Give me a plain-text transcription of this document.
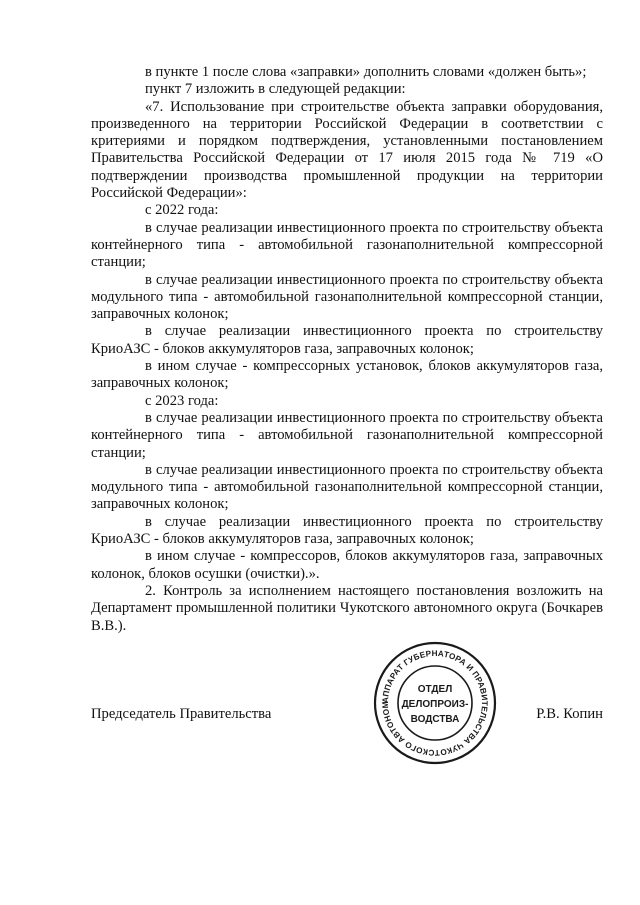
в пункте 1 после слова «заправки» дополнить словами «должен быть»;

пункт 7 изложить в следующей редакции:

«7. Использование при строительстве объекта заправки оборудования, произведенного на территории Российской Федерации в соответствии с критериями и порядком подтверждения, установленными постановлением Правительства Российской Федерации от 17 июля 2015 года № 719 «О подтверждении производства промышленной продукции на территории Российской Федерации»:

с 2022 года:

в случае реализации инвестиционного проекта по строительству объекта контейнерного типа - автомобильной газонаполнительной компрессорной станции;

в случае реализации инвестиционного проекта по строительству объекта модульного типа - автомобильной газонаполнительной компрессорной станции, заправочных колонок;

в случае реализации инвестиционного проекта по строительству КриоАЗС - блоков аккумуляторов газа, заправочных колонок;

в ином случае - компрессорных установок, блоков аккумуляторов газа, заправочных колонок;

с 2023 года:

в случае реализации инвестиционного проекта по строительству объекта контейнерного типа - автомобильной газонаполнительной компрессорной станции;

в случае реализации инвестиционного проекта по строительству объекта модульного типа - автомобильной газонаполнительной компрессорной станции, заправочных колонок;

в случае реализации инвестиционного проекта по строительству КриоАЗС - блоков аккумуляторов газа, заправочных колонок;

в ином случае - компрессоров, блоков аккумуляторов газа, заправочных колонок, блоков осушки (очистки).».

2. Контроль за исполнением настоящего постановления возложить на Департамент промышленной политики Чукотского автономного округа (Бочкарев В.В.).

Председатель Правительства	Р.В. Копин
АППАРАТ ГУБЕРНАТОРА И ПРАВИТЕЛЬСТВА ЧУКОТСКОГО АВТОНОМ
ОТДЕЛ
ДЕЛОПРОИЗ-
ВОДСТВА
